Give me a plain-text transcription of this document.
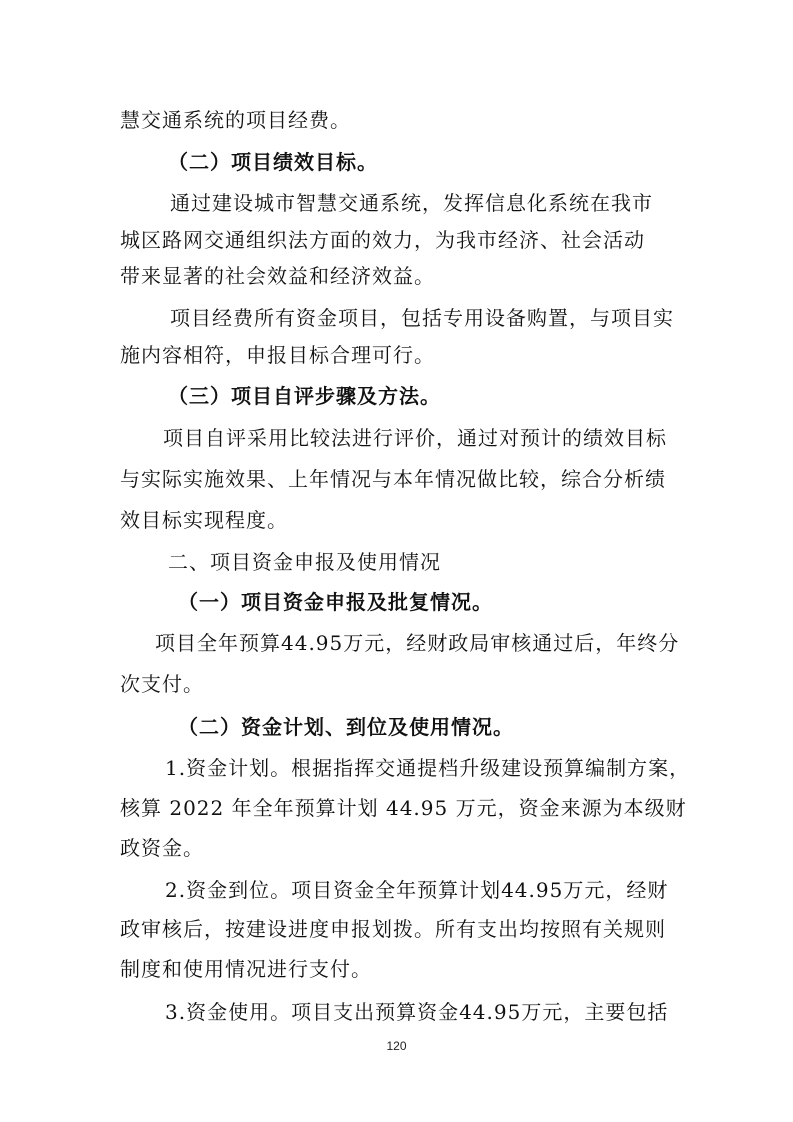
慧交通系统的项目经费。
（二）项目绩效目标。
通过建设城市智慧交通系统，发挥信息化系统在我市
城区路网交通组织法方面的效力，为我市经济、社会活动
带来显著的社会效益和经济效益。
项目经费所有资金项目，包括专用设备购置，与项目实
施内容相符，申报目标合理可行。
（三）项目自评步骤及方法。
项目自评采用比较法进行评价，通过对预计的绩效目标
与实际实施效果、上年情况与本年情况做比较，综合分析绩
效目标实现程度。
二、项目资金申报及使用情况
（一）项目资金申报及批复情况。
项目全年预算44.95万元，经财政局审核通过后，年终分
次支付。
（二）资金计划、到位及使用情况。
1.资金计划。根据指挥交通提档升级建设预算编制方案，
核算 2022 年全年预算计划 44.95 万元，资金来源为本级财
政资金。
2.资金到位。项目资金全年预算计划44.95万元，经财
政审核后，按建设进度申报划拨。所有支出均按照有关规则
制度和使用情况进行支付。
3.资金使用。项目支出预算资金44.95万元，主要包括
120
